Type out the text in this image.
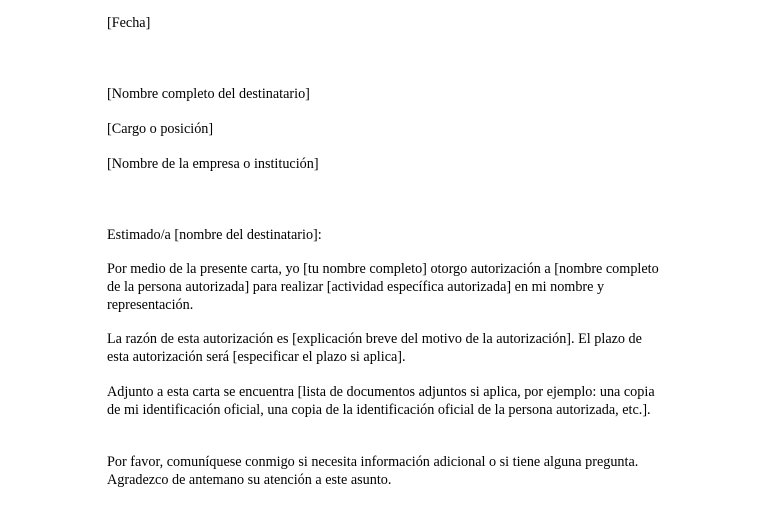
[Fecha]
[Nombre completo del destinatario]
[Cargo o posición]
[Nombre de la empresa o institución]
Estimado/a [nombre del destinatario]:
Por medio de la presente carta, yo [tu nombre completo] otorgo autorización a [nombre completo de la persona autorizada] para realizar [actividad específica autorizada] en mi nombre y representación.
La razón de esta autorización es [explicación breve del motivo de la autorización]. El plazo de esta autorización será [especificar el plazo si aplica].
Adjunto a esta carta se encuentra [lista de documentos adjuntos si aplica, por ejemplo: una copia de mi identificación oficial, una copia de la identificación oficial de la persona autorizada, etc.].
Por favor, comuníquese conmigo si necesita información adicional o si tiene alguna pregunta. Agradezco de antemano su atención a este asunto.
